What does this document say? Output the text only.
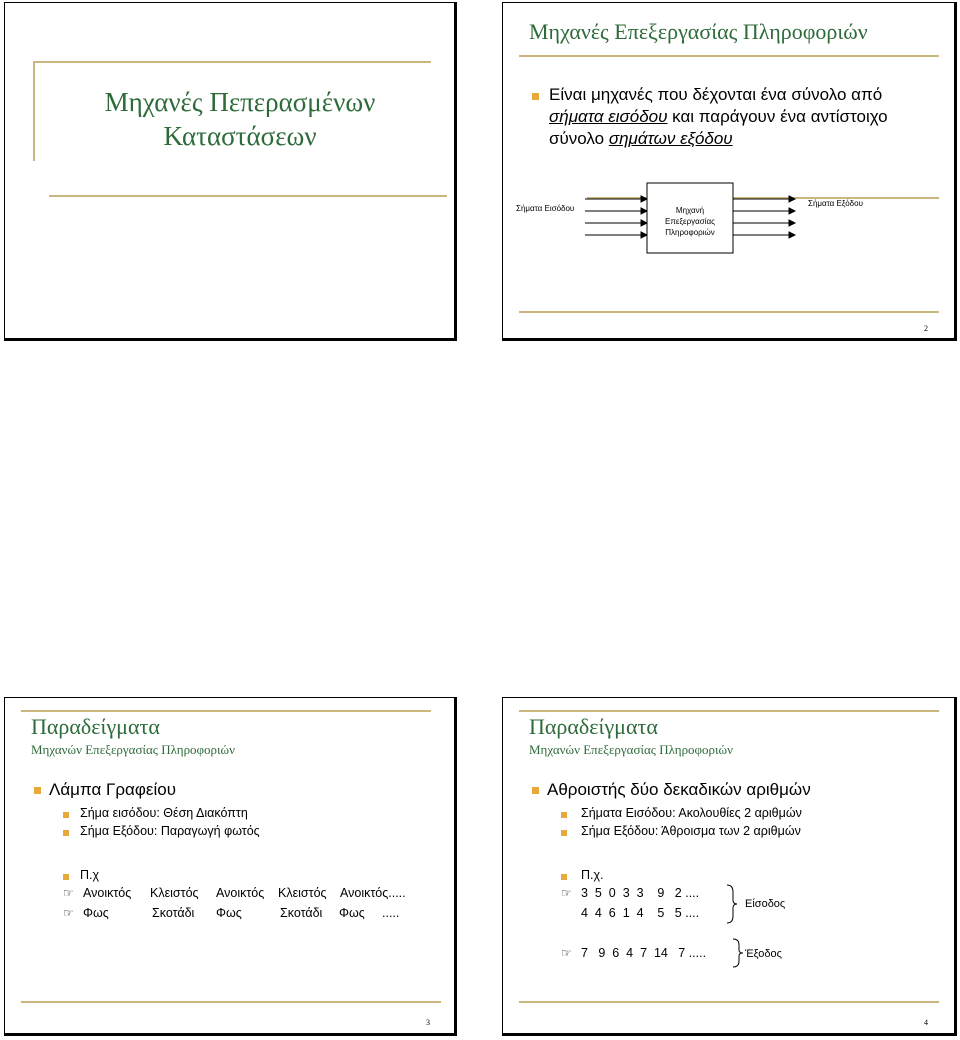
Μηχανές Πεπερασμένων
Καταστάσεων
Μηχανές Επεξεργασίας Πληροφοριών
Είναι μηχανές που δέχονται ένα σύνολο από
σήματα εισόδου και παράγουν ένα αντίστοιχο
σύνολο σημάτων εξόδου
Σήματα Εισόδου	Μηχανή
Επεξεργασίας
Πληροφοριών
Σήματα Εξόδου
2
Παραδείγματα
Μηχανών Επεξεργασίας Πληροφοριών
Λάμπα Γραφείου
Σήμα εισόδου: Θέση Διακόπτη
Σήμα Εξόδου: Παραγωγή φωτός
Π.χ
☞ Ανοικτός Κλειστός Ανοικτός Κλειστός Ανοικτός.....
☞ Φως	Σκοτάδι Φως	Σκοτάδι Φως .....
3
Παραδείγματα
Μηχανών Επεξεργασίας Πληροφοριών
Αθροιστής δύο δεκαδικών αριθμών
Σήματα Εισόδου: Ακολουθίες 2 αριθμών
Σήμα Εξόδου: Άθροισμα των 2 αριθμών
Π.χ.
☞ 3  5  0  3  3    9   2 ....
4  4  6  1  4    5   5 ....
Είσοδος
☞ 7   9  6  4  7  14   7 .....	Έξοδος
4
